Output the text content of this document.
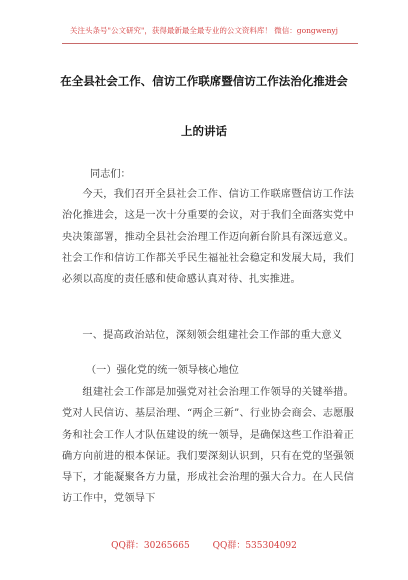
关注头条号"公文研究"，获得最新最全最专业的公文资料库！ 微信：gongwenyj
在全县社会工作、信访工作联席暨信访工作法治化推进会
上的讲话
同志们：
今天，我们召开全县社会工作、信访工作联席暨信访工作法治化推进会，这是一次十分重要的会议，对于我们全面落实党中央决策部署，推动全县社会治理工作迈向新台阶具有深远意义。社会工作和信访工作都关乎民生福祉社会稳定和发展大局，我们必须以高度的责任感和使命感认真对待、扎实推进。
一、提高政治站位，深刻领会组建社会工作部的重大意义
（一）强化党的统一领导核心地位
组建社会工作部是加强党对社会治理工作领导的关键举措。党对人民信访、基层治理、“两企三新”、行业协会商会、志愿服务和社会工作人才队伍建设的统一领导，是确保这些工作沿着正确方向前进的根本保证。我们要深刻认识到，只有在党的坚强领导下，才能凝聚各方力量，形成社会治理的强大合力。在人民信访工作中，党领导下
QQ群：30265665	QQ群：535304092
